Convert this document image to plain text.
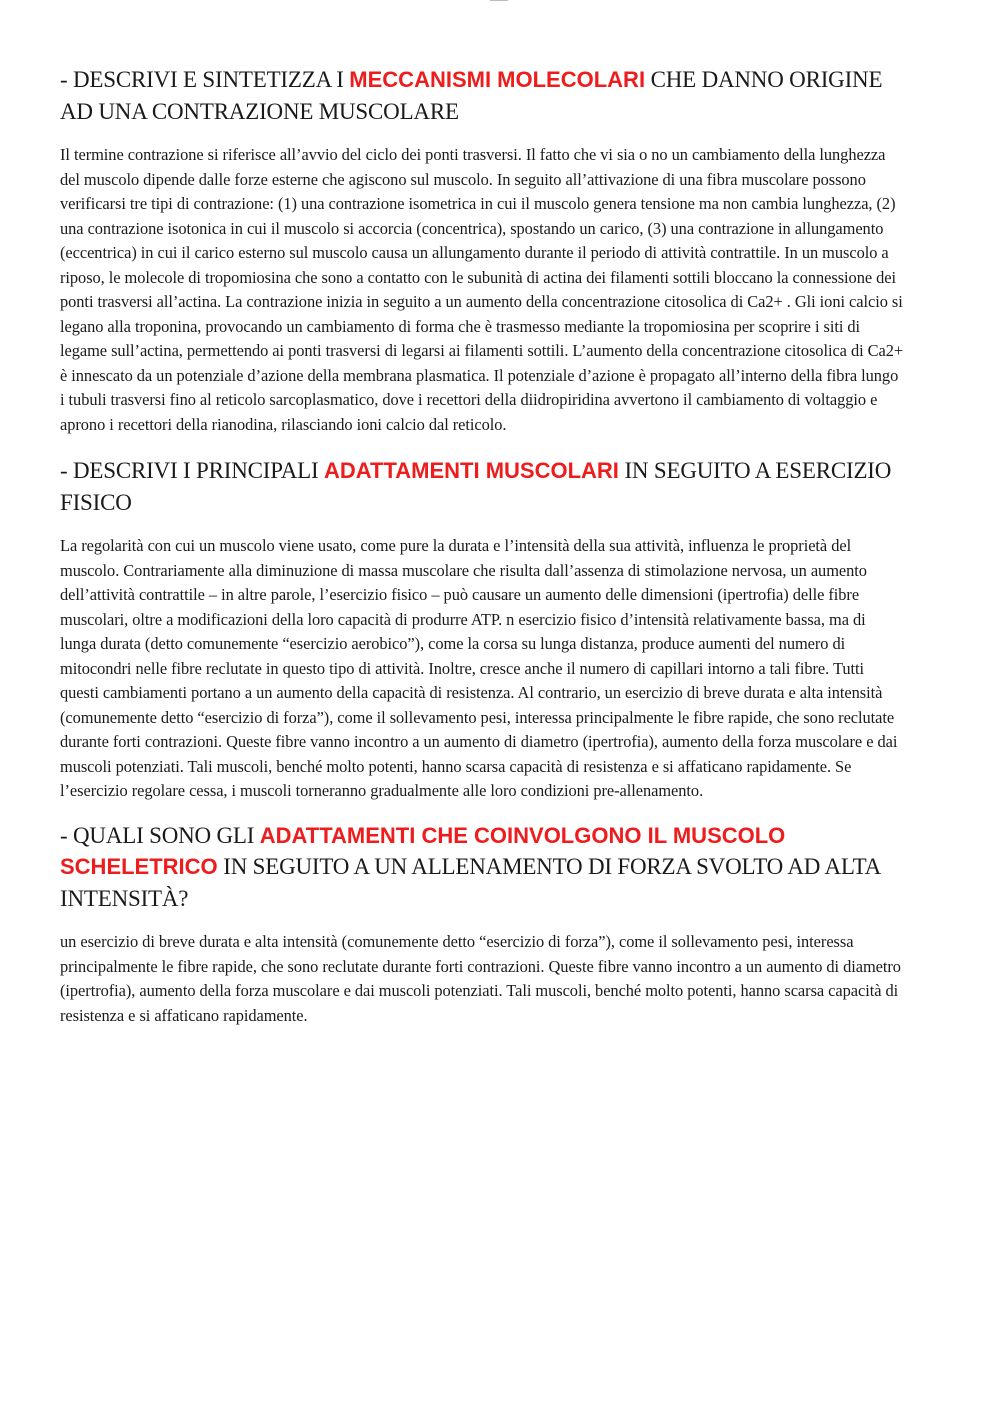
- DESCRIVI E SINTETIZZA I MECCANISMI MOLECOLARI CHE DANNO ORIGINE AD UNA CONTRAZIONE MUSCOLARE

Il termine contrazione si riferisce all’avvio del ciclo dei ponti trasversi. Il fatto che vi sia o no un cambiamento della lunghezza del muscolo dipende dalle forze esterne che agiscono sul muscolo. In seguito all’attivazione di una fibra muscolare possono verificarsi tre tipi di contrazione: (1) una contrazione isometrica in cui il muscolo genera tensione ma non cambia lunghezza, (2) una contrazione isotonica in cui il muscolo si accorcia (concentrica), spostando un carico, (3) una contrazione in allungamento (eccentrica) in cui il carico esterno sul muscolo causa un allungamento durante il periodo di attività contrattile. In un muscolo a riposo, le molecole di tropomiosina che sono a contatto con le subunità di actina dei filamenti sottili bloccano la connessione dei ponti trasversi all’actina. La contrazione inizia in seguito a un aumento della concentrazione citosolica di Ca2+ . Gli ioni calcio si legano alla troponina, provocando un cambiamento di forma che è trasmesso mediante la tropomiosina per scoprire i siti di legame sull’actina, permettendo ai ponti trasversi di legarsi ai filamenti sottili. L’aumento della concentrazione citosolica di Ca2+ è innescato da un potenziale d’azione della membrana plasmatica. Il potenziale d’azione è propagato all’interno della fibra lungo i tubuli trasversi fino al reticolo sarcoplasmatico, dove i recettori della diidropiridina avvertono il cambiamento di voltaggio e aprono i recettori della rianodina, rilasciando ioni calcio dal reticolo.

- DESCRIVI I PRINCIPALI ADATTAMENTI MUSCOLARI IN SEGUITO A ESERCIZIO FISICO

La regolarità con cui un muscolo viene usato, come pure la durata e l’intensità della sua attività, influenza le proprietà del muscolo. Contrariamente alla diminuzione di massa muscolare che risulta dall’assenza di stimolazione nervosa, un aumento dell’attività contrattile – in altre parole, l’esercizio fisico – può causare un aumento delle dimensioni (ipertrofia) delle fibre muscolari, oltre a modificazioni della loro capacità di produrre ATP. n esercizio fisico d’intensità relativamente bassa, ma di lunga durata (detto comunemente “esercizio aerobico”), come la corsa su lunga distanza, produce aumenti del numero di mitocondri nelle fibre reclutate in questo tipo di attività. Inoltre, cresce anche il numero di capillari intorno a tali fibre. Tutti questi cambiamenti portano a un aumento della capacità di resistenza. Al contrario, un esercizio di breve durata e alta intensità (comunemente detto “esercizio di forza”), come il sollevamento pesi, interessa principalmente le fibre rapide, che sono reclutate durante forti contrazioni. Queste fibre vanno incontro a un aumento di diametro (ipertrofia), aumento della forza muscolare e dai muscoli potenziati. Tali muscoli, benché molto potenti, hanno scarsa capacità di resistenza e si affaticano rapidamente. Se l’esercizio regolare cessa, i muscoli torneranno gradualmente alle loro condizioni pre-allenamento.

- QUALI SONO GLI ADATTAMENTI CHE COINVOLGONO IL MUSCOLO SCHELETRICO IN SEGUITO A UN ALLENAMENTO DI FORZA SVOLTO AD ALTA INTENSITÀ?

un esercizio di breve durata e alta intensità (comunemente detto “esercizio di forza”), come il sollevamento pesi, interessa principalmente le fibre rapide, che sono reclutate durante forti contrazioni. Queste fibre vanno incontro a un aumento di diametro (ipertrofia), aumento della forza muscolare e dai muscoli potenziati. Tali muscoli, benché molto potenti, hanno scarsa capacità di resistenza e si affaticano rapidamente.
